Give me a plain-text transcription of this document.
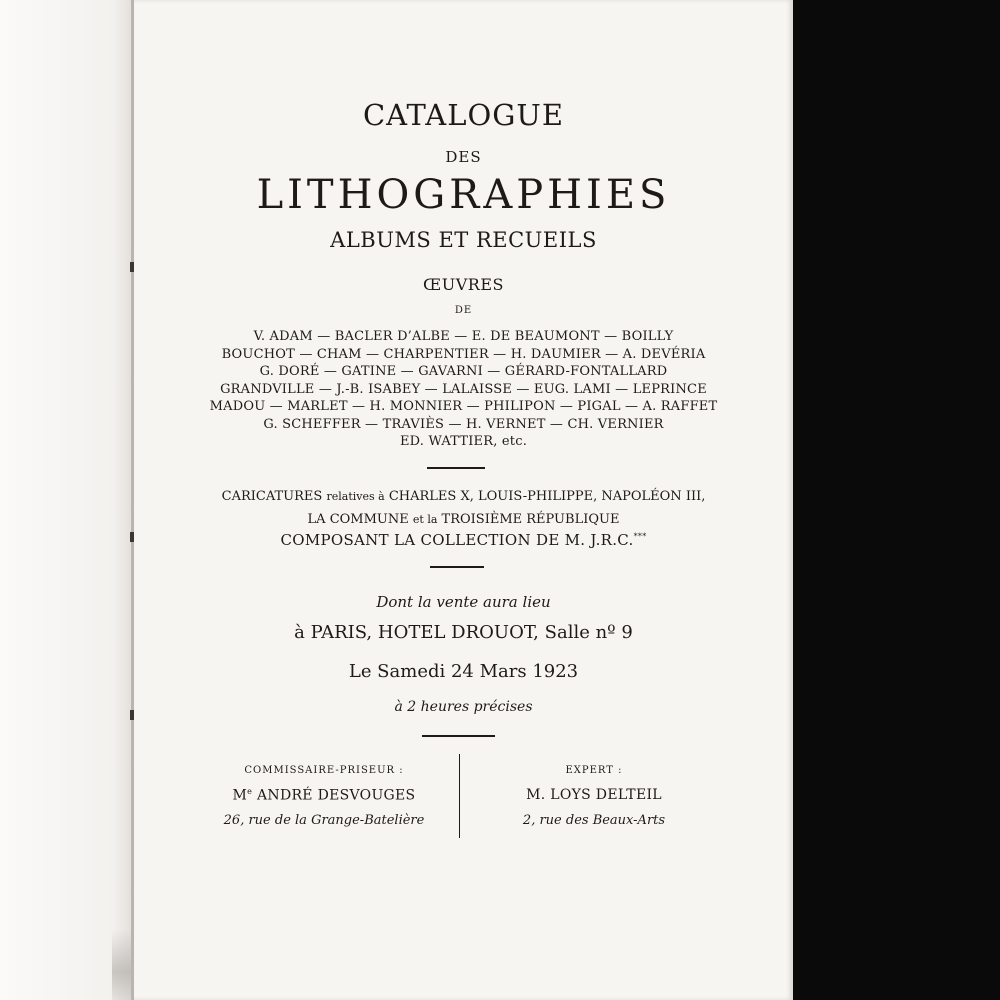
CATALOGUE
DES
LITHOGRAPHIES
ALBUMS ET RECUEILS
ŒUVRES
DE
V. ADAM — BACLER D’ALBE — E. DE BEAUMONT — BOILLY
BOUCHOT — CHAM — CHARPENTIER — H. DAUMIER — A. DEVÉRIA
G. DORÉ — GATINE — GAVARNI — GÉRARD-FONTALLARD
GRANDVILLE — J.-B. ISABEY — LALAISSE — EUG. LAMI — LEPRINCE
MADOU — MARLET — H. MONNIER — PHILIPON — PIGAL — A. RAFFET
G. SCHEFFER — TRAVIÈS — H. VERNET — CH. VERNIER
ED. WATTIER, etc.
CARICATURES relatives à CHARLES X, LOUIS-PHILIPPE, NAPOLÉON III,
LA COMMUNE et la TROISIÈME RÉPUBLIQUE
COMPOSANT LA COLLECTION DE M. J.R.C.***
Dont la vente aura lieu
à PARIS, HOTEL DROUOT, Salle nº 9
Le Samedi 24 Mars 1923
à 2 heures précises
COMMISSAIRE-PRISEUR :
Me ANDRÉ DESVOUGES
26, rue de la Grange-Batelière
EXPERT :
M. LOYS DELTEIL
2, rue des Beaux-Arts
